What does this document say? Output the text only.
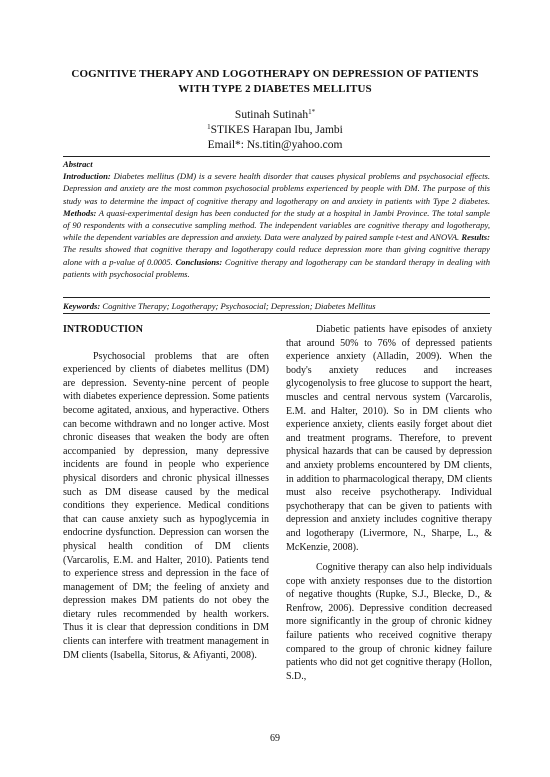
COGNITIVE THERAPY AND LOGOTHERAPY ON DEPRESSION OF PATIENTS
WITH TYPE 2 DIABETES MELLITUS
Sutinah Sutinah$^{1*}$
$^1$STIKES Harapan Ibu, Jambi
Email*: Ns.titin@yahoo.com
Abstract
Introduction: Diabetes mellitus (DM) is a severe health disorder that causes physical problems and psychosocial effects. Depression and anxiety are the most common psychosocial problems experienced by people with DM. The purpose of this study was to determine the impact of cognitive therapy and logotherapy on and anxiety in patients with Type 2 diabetes. Methods: A quasi-experimental design has been conducted for the study at a hospital in Jambi Province. The total sample of 90 respondents with a consecutive sampling method. The independent variables are cognitive therapy and logotherapy, while the dependent variables are depression and anxiety. Data were analyzed by paired sample t-test and ANOVA. Results: The results showed that cognitive therapy and logotherapy could reduce depression more than giving cognitive therapy alone with a p-value of 0.0005. Conclusions: Cognitive therapy and logotherapy can be standard therapy in dealing with patients with psychosocial problems.
Keywords: Cognitive Therapy; Logotherapy; Psychosocial; Depression; Diabetes Mellitus
INTRODUCTION

Psychosocial problems that are often experienced by clients of diabetes mellitus (DM) are depression. Seventy-nine percent of people with diabetes experience depression. Some patients become agitated, anxious, and hyperactive. Others can become withdrawn and no longer active. Most chronic diseases that weaken the body are often accompanied by depression, many depressive incidents are found in people who experience physical disorders and chronic physical illnesses such as DM disease caused by the medical conditions they experience. Medical conditions that can cause anxiety such as hypoglycemia in endocrine dysfunction. Depression can worsen the physical health condition of DM clients (Varcarolis, E.M. and Halter, 2010). Patients tend to experience stress and depression in the face of management of DM; the feeling of anxiety and depression makes DM patients do not obey the dietary rules recommended by health workers. Thus it is clear that depression conditions in DM clients can interfere with treatment management in DM clients (Isabella, Sitorus, & Afiyanti, 2008).

Diabetic patients have episodes of anxiety that around 50% to 76% of depressed patients experience anxiety (Alladin, 2009). When the body's anxiety reduces and increases glycogenolysis to free glucose to support the heart, muscles and central nervous system (Varcarolis, E.M. and Halter, 2010). So in DM clients who experience anxiety, clients easily forget about diet and treatment programs. Therefore, to prevent physical hazards that can be caused by depression and anxiety problems encountered by DM clients, in addition to pharmacological therapy, DM clients must also receive psychotherapy. Individual psychotherapy that can be given to patients with depression and anxiety includes cognitive therapy and logotherapy (Livermore, N., Sharpe, L., & McKenzie, 2008).

Cognitive therapy can also help individuals cope with anxiety responses due to the distortion of negative thoughts (Rupke, S.J., Blecke, D., & Renfrow, 2006). Depressive condition decreased more significantly in the group of chronic kidney failure patients who received cognitive therapy compared to the group of chronic kidney failure patients who did not get cognitive therapy (Hollon, S.D.,

69
